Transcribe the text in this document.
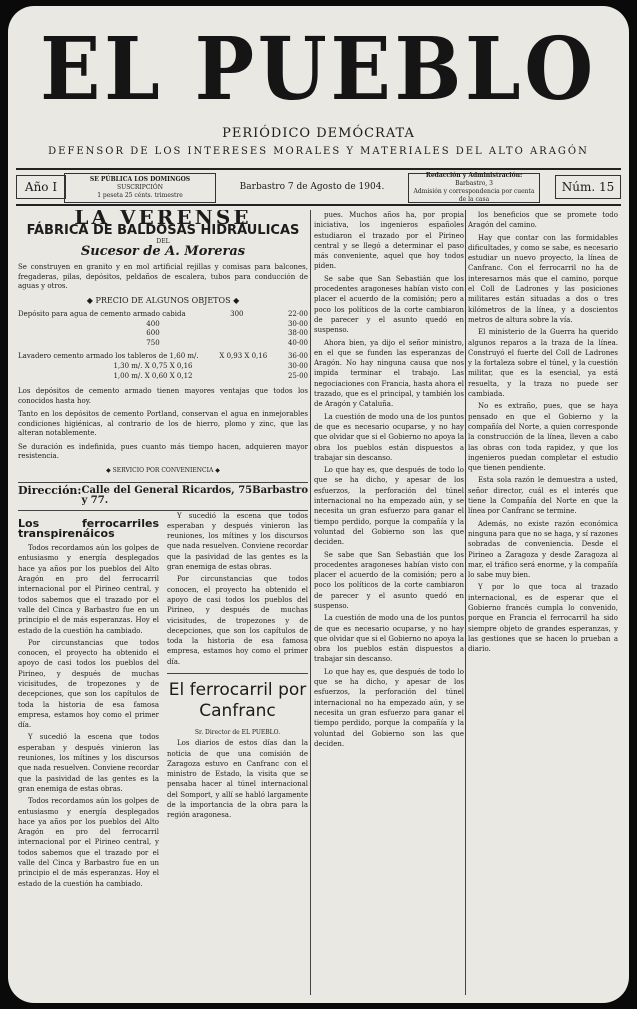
EL PUEBLO
PERIÓDICO DEMÓCRATA
DEFENSOR DE LOS INTERESES MORALES Y MATERIALES DEL ALTO ARAGÓN
Año I
SE PÚBLICA LOS DOMINGOS
SUSCRIPCIÓN
1 peseta 25 cénts. trimestre
Barbastro 7 de Agosto de 1904.
Redacción y Administración:
Barbastro, 3
Admisión y correspondencia por cuenta de la casa
Núm. 15
LA VERENSE
FÁBRICA DE BALDOSAS HIDRÁULICAS
DEL
Sucesor de A. Moreras
Se construyen en granito y en mol artificial rejillas y comisas para balcones, fregaderas, pilas, depósitos, peldaños de escalera, tubos para conducción de aguas y otros.
◆ PRECIO DE ALGUNOS OBJETOS ◆
Depósito para agua de cemento armado cabida	300	22·00
400	30·00
600	38·00
750	40·00
Lavadero cemento armado los tableros de 1,60 m/.	X 0,93 X 0,16	36·00
1,30 m/. X 0,75 X 0,16	30·00
1,00 m/. X 0,60 X 0,12	25·00
Los depósitos de cemento armado tienen mayores ventajas que todos los conocidos hasta hoy.
Tanto en los depósitos de cemento Portland, conservan el agua en inmejorables condiciones higiénicas, al contrario de los de hierro, plomo y zinc, que las alteran notablemente.
Se duración es indefinida, pues cuanto más tiempo hacen, adquieren mayor resistencia.
◆ SERVICIO POR CONVENIENCIA ◆
Dirección: Calle del General Ricardos, 75 y 77.
Barbastro
Los ferrocarriles transpirenáicos

Todos recordamos aún los golpes de entusiasmo y energía desplegados hace ya años por los pueblos del Alto Aragón en pro del ferrocarril internacional por el Pirineo central, y todos sabemos que el trazado por el valle del Cinca y Barbastro fue en un principio el de más esperanzas. Hoy el estado de la cuestión ha cambiado.

Por circunstancias que todos conocen, el proyecto ha obtenido el apoyo de casi todos los pueblos del Pirineo, y después de muchas vicisitudes, de tropezones y de decepciones, que son los capítulos de toda la historia de esa famosa empresa, estamos hoy como el primer día.

Y sucedió la escena que todos esperaban y después vinieron las reuniones, los mítines y los discursos que nada resuelven. Conviene recordar que la pasividad de las gentes es la gran enemiga de estas obras.

Todos recordamos aún los golpes de entusiasmo y energía desplegados hace ya años por los pueblos del Alto Aragón en pro del ferrocarril internacional por el Pirineo central, y todos sabemos que el trazado por el valle del Cinca y Barbastro fue en un principio el de más esperanzas. Hoy el estado de la cuestión ha cambiado.

Y sucedió la escena que todos esperaban y después vinieron las reuniones, los mítines y los discursos que nada resuelven. Conviene recordar que la pasividad de las gentes es la gran enemiga de estas obras.

Por circunstancias que todos conocen, el proyecto ha obtenido el apoyo de casi todos los pueblos del Pirineo, y después de muchas vicisitudes, de tropezones y de decepciones, que son los capítulos de toda la historia de esa famosa empresa, estamos hoy como el primer día.

El ferrocarril por Canfranc
Sr. Director de EL PUEBLO.

Los diarios de estos días dan la noticia de que una comisión de Zaragoza estuvo en Canfranc con el ministro de Estado, la visita que se pensaba hacer al túnel internacional del Somport, y allí se habló largamente de la importancia de la obra para la región aragonesa.

pues. Muchos años ha, por propia iniciativa, los ingenieros españoles estudiaron el trazado por el Pirineo central y se llegó a determinar el paso más conveniente, aquel que hoy todos piden.

Se sabe que San Sebastián que los procedentes aragoneses habían visto con placer el acuerdo de la comisión; pero a poco los políticos de la corte cambiaron de parecer y el asunto quedó en suspenso.

Ahora bien, ya dijo el señor ministro, en el que se funden las esperanzas de Aragón. No hay ninguna causa que nos impida terminar el trabajo. Las negociaciones con Francia, hasta ahora el trazado, que es el principal, y también los de Aragón y Cataluña.

La cuestión de modo una de los puntos de que es necesario ocuparse, y no hay que olvidar que si el Gobierno no apoya la obra los pueblos están dispuestos a trabajar sin descanso.

Lo que hay es, que después de todo lo que se ha dicho, y apesar de los esfuerzos, la perforación del túnel internacional no ha empezado aún, y se necesita un gran esfuerzo para ganar el tiempo perdido, porque la compañía y la voluntad del Gobierno son las que deciden.

Se sabe que San Sebastián que los procedentes aragoneses habían visto con placer el acuerdo de la comisión; pero a poco los políticos de la corte cambiaron de parecer y el asunto quedó en suspenso.

La cuestión de modo una de los puntos de que es necesario ocuparse, y no hay que olvidar que si el Gobierno no apoya la obra los pueblos están dispuestos a trabajar sin descanso.

Lo que hay es, que después de todo lo que se ha dicho, y apesar de los esfuerzos, la perforación del túnel internacional no ha empezado aún, y se necesita un gran esfuerzo para ganar el tiempo perdido, porque la compañía y la voluntad del Gobierno son las que deciden.

los beneficios que se promete todo Aragón del camino.

Hay que contar con las formidables dificultades, y como se sabe, es necesario estudiar un nuevo proyecto, la línea de Canfranc. Con el ferrocarril no ha de interesarnos más que el camino, porque el Coll de Ladrones y las posiciones militares están situadas a dos o tres kilómetros de la línea, y a doscientos metros de altura sobre la vía.

El ministerio de la Guerra ha querido algunos reparos a la traza de la línea. Construyó el fuerte del Coll de Ladrones y la fortaleza sobre el túnel, y la cuestión militar, que es la esencial, ya está resuelta, y la traza no puede ser cambiada.

No es extraño, pues, que se haya pensado en que el Gobierno y la compañía del Norte, a quien corresponde la construcción de la línea, lleven a cabo las obras con toda rapidez, y que los ingenieros puedan completar el estudio que tienen pendiente.

Esta sola razón le demuestra a usted, señor director, cuál es el interés que tiene la Compañía del Norte en que la línea por Canfranc se termine.

Además, no existe razón económica ninguna para que no se haga, y sí razones sobradas de conveniencia. Desde el Pirineo a Zaragoza y desde Zaragoza al mar, el tráfico será enorme, y la compañía lo sabe muy bien.

Y por lo que toca al trazado internacional, es de esperar que el Gobierno francés cumpla lo convenido, porque en Francia el ferrocarril ha sido siempre objeto de grandes esperanzas, y las gestiones que se hacen lo prueban a diario.
